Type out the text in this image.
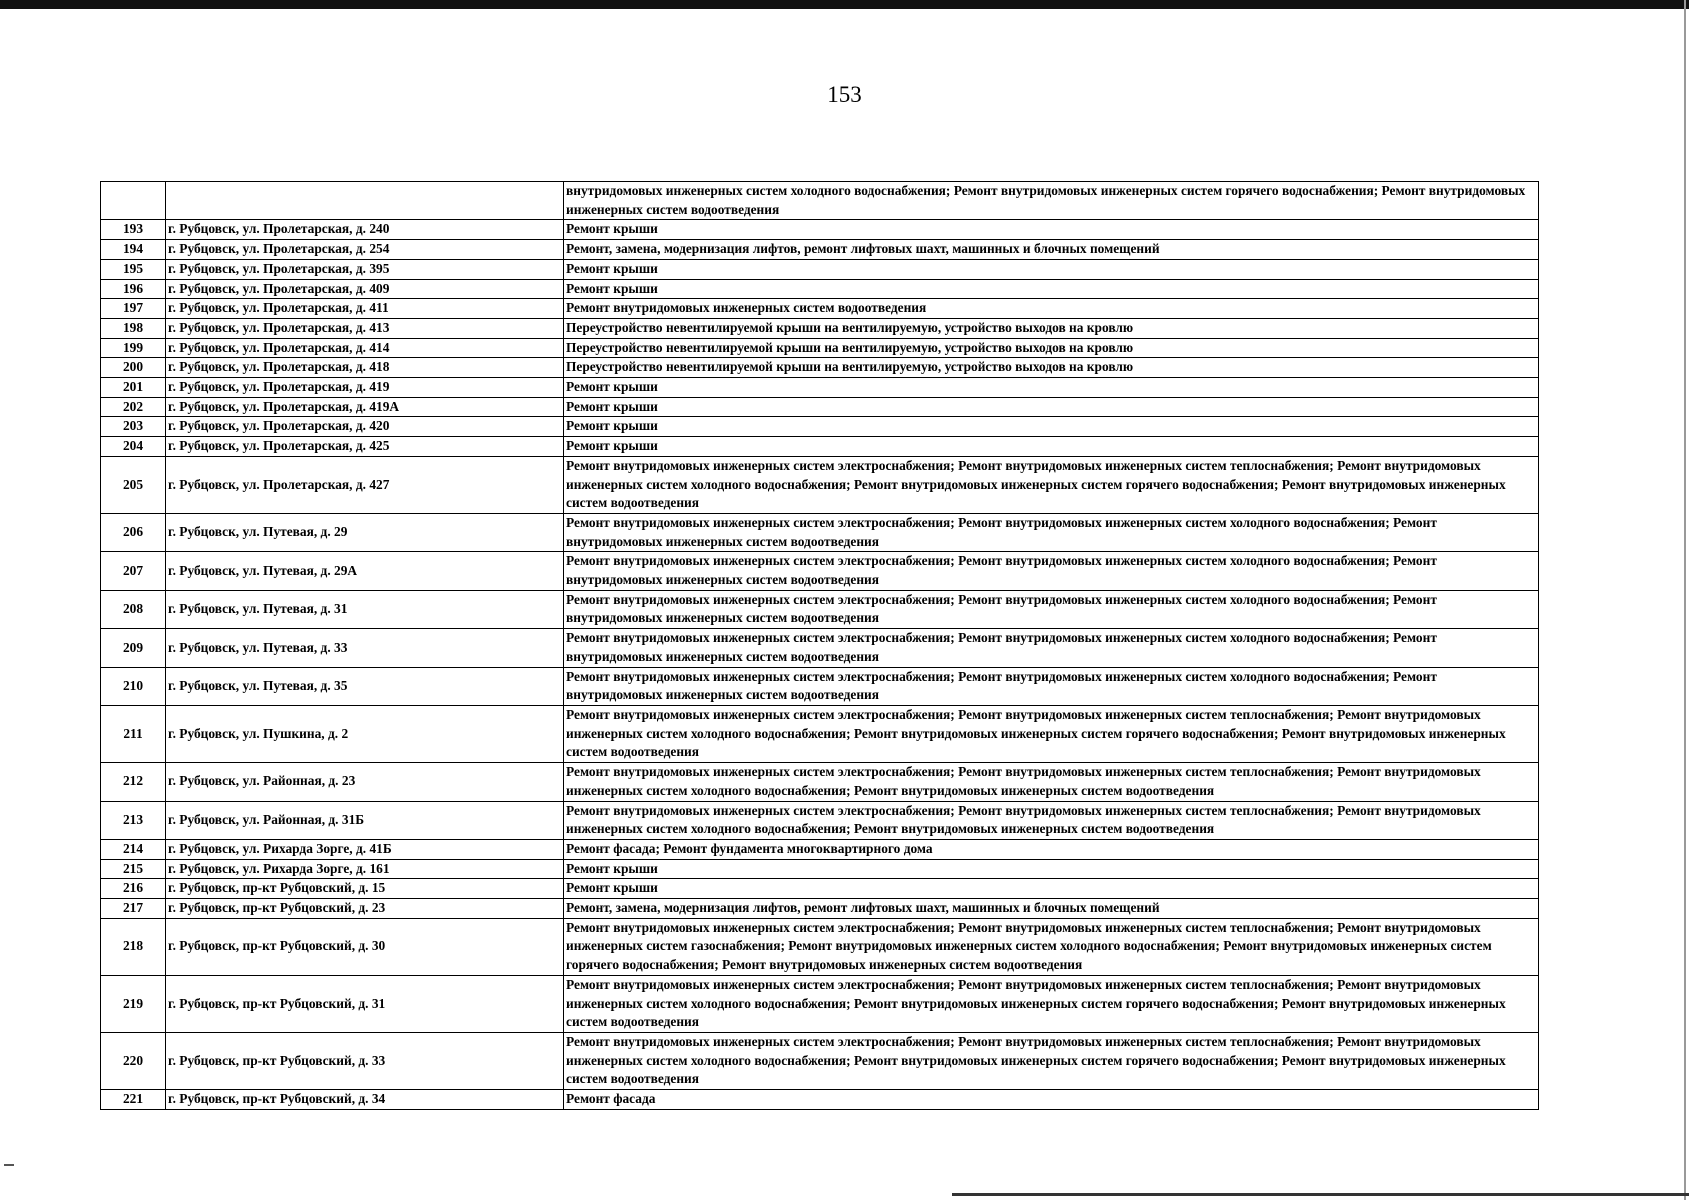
153
		внутридомовых инженерных систем холодного водоснабжения; Ремонт внутридомовых инженерных систем горячего водоснабжения; Ремонт внутридомовых инженерных систем водоотведения
193	г. Рубцовск, ул. Пролетарская, д. 240	Ремонт крыши
194	г. Рубцовск, ул. Пролетарская, д. 254	Ремонт, замена, модернизация лифтов, ремонт лифтовых шахт, машинных и блочных помещений
195	г. Рубцовск, ул. Пролетарская, д. 395	Ремонт крыши
196	г. Рубцовск, ул. Пролетарская, д. 409	Ремонт крыши
197	г. Рубцовск, ул. Пролетарская, д. 411	Ремонт внутридомовых инженерных систем водоотведения
198	г. Рубцовск, ул. Пролетарская, д. 413	Переустройство невентилируемой крыши на вентилируемую, устройство выходов на кровлю
199	г. Рубцовск, ул. Пролетарская, д. 414	Переустройство невентилируемой крыши на вентилируемую, устройство выходов на кровлю
200	г. Рубцовск, ул. Пролетарская, д. 418	Переустройство невентилируемой крыши на вентилируемую, устройство выходов на кровлю
201	г. Рубцовск, ул. Пролетарская, д. 419	Ремонт крыши
202	г. Рубцовск, ул. Пролетарская, д. 419А	Ремонт крыши
203	г. Рубцовск, ул. Пролетарская, д. 420	Ремонт крыши
204	г. Рубцовск, ул. Пролетарская, д. 425	Ремонт крыши
205	г. Рубцовск, ул. Пролетарская, д. 427	Ремонт внутридомовых инженерных систем электроснабжения; Ремонт внутридомовых инженерных систем теплоснабжения; Ремонт внутридомовых инженерных систем холодного водоснабжения; Ремонт внутридомовых инженерных систем горячего водоснабжения; Ремонт внутридомовых инженерных систем водоотведения
206	г. Рубцовск, ул. Путевая, д. 29	Ремонт внутридомовых инженерных систем электроснабжения; Ремонт внутридомовых инженерных систем холодного водоснабжения; Ремонт внутридомовых инженерных систем водоотведения
207	г. Рубцовск, ул. Путевая, д. 29А	Ремонт внутридомовых инженерных систем электроснабжения; Ремонт внутридомовых инженерных систем холодного водоснабжения; Ремонт внутридомовых инженерных систем водоотведения
208	г. Рубцовск, ул. Путевая, д. 31	Ремонт внутридомовых инженерных систем электроснабжения; Ремонт внутридомовых инженерных систем холодного водоснабжения; Ремонт внутридомовых инженерных систем водоотведения
209	г. Рубцовск, ул. Путевая, д. 33	Ремонт внутридомовых инженерных систем электроснабжения; Ремонт внутридомовых инженерных систем холодного водоснабжения; Ремонт внутридомовых инженерных систем водоотведения
210	г. Рубцовск, ул. Путевая, д. 35	Ремонт внутридомовых инженерных систем электроснабжения; Ремонт внутридомовых инженерных систем холодного водоснабжения; Ремонт внутридомовых инженерных систем водоотведения
211	г. Рубцовск, ул. Пушкина, д. 2	Ремонт внутридомовых инженерных систем электроснабжения; Ремонт внутридомовых инженерных систем теплоснабжения; Ремонт внутридомовых инженерных систем холодного водоснабжения; Ремонт внутридомовых инженерных систем горячего водоснабжения; Ремонт внутридомовых инженерных систем водоотведения
212	г. Рубцовск, ул. Районная, д. 23	Ремонт внутридомовых инженерных систем электроснабжения; Ремонт внутридомовых инженерных систем теплоснабжения; Ремонт внутридомовых инженерных систем холодного водоснабжения; Ремонт внутридомовых инженерных систем водоотведения
213	г. Рубцовск, ул. Районная, д. 31Б	Ремонт внутридомовых инженерных систем электроснабжения; Ремонт внутридомовых инженерных систем теплоснабжения; Ремонт внутридомовых инженерных систем холодного водоснабжения; Ремонт внутридомовых инженерных систем водоотведения
214	г. Рубцовск, ул. Рихарда Зорге, д. 41Б	Ремонт фасада; Ремонт фундамента многоквартирного дома
215	г. Рубцовск, ул. Рихарда Зорге, д. 161	Ремонт крыши
216	г. Рубцовск, пр-кт Рубцовский, д. 15	Ремонт крыши
217	г. Рубцовск, пр-кт Рубцовский, д. 23	Ремонт, замена, модернизация лифтов, ремонт лифтовых шахт, машинных и блочных помещений
218	г. Рубцовск, пр-кт Рубцовский, д. 30	Ремонт внутридомовых инженерных систем электроснабжения; Ремонт внутридомовых инженерных систем теплоснабжения; Ремонт внутридомовых инженерных систем газоснабжения; Ремонт внутридомовых инженерных систем холодного водоснабжения; Ремонт внутридомовых инженерных систем горячего водоснабжения; Ремонт внутридомовых инженерных систем водоотведения
219	г. Рубцовск, пр-кт Рубцовский, д. 31	Ремонт внутридомовых инженерных систем электроснабжения; Ремонт внутридомовых инженерных систем теплоснабжения; Ремонт внутридомовых инженерных систем холодного водоснабжения; Ремонт внутридомовых инженерных систем горячего водоснабжения; Ремонт внутридомовых инженерных систем водоотведения
220	г. Рубцовск, пр-кт Рубцовский, д. 33	Ремонт внутридомовых инженерных систем электроснабжения; Ремонт внутридомовых инженерных систем теплоснабжения; Ремонт внутридомовых инженерных систем холодного водоснабжения; Ремонт внутридомовых инженерных систем горячего водоснабжения; Ремонт внутридомовых инженерных систем водоотведения
221	г. Рубцовск, пр-кт Рубцовский, д. 34	Ремонт фасада
